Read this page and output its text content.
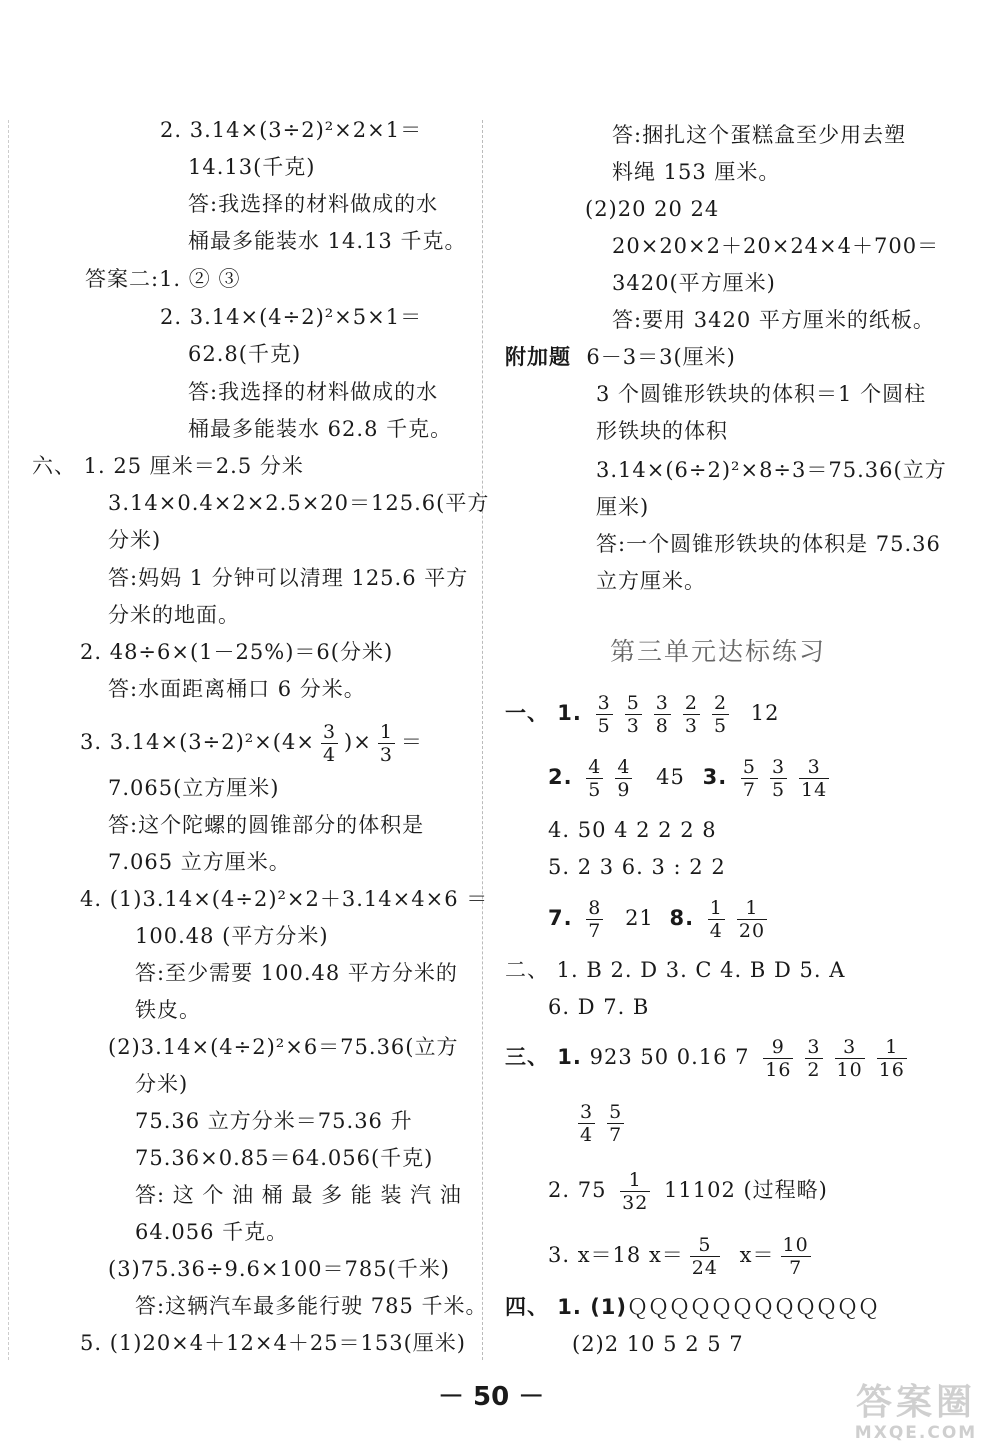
2. 3.14×(3÷2)²×2×1＝
14.13(千克)
答:我选择的材料做成的水
桶最多能装水 14.13 千克。
答案二:1. ② ③
2. 3.14×(4÷2)²×5×1＝
62.8(千克)
答:我选择的材料做成的水
桶最多能装水 62.8 千克。
六、 1. 25 厘米＝2.5 分米
3.14×0.4×2×2.5×20＝125.6(平方
分米)
答:妈妈 1 分钟可以清理 125.6 平方
分米的地面。
2. 48÷6×(1－25%)＝6(分米)
答:水面距离桶口 6 分米。
3. $3.14\times(3\div 2)^2\times(4\times \frac{3}{4}$ )× $\frac{1}{3}$ ＝
7.065(立方厘米)
答:这个陀螺的圆锥部分的体积是
7.065 立方厘米。
4. (1)3.14×(4÷2)²×2＋3.14×4×6 ＝
100.48 (平方分米)
答:至少需要 100.48 平方分米的
铁皮。
(2)3.14×(4÷2)²×6＝75.36(立方
分米)
75.36 立方分米＝75.36 升
75.36×0.85＝64.056(千克)
答: 这 个 油 桶 最 多 能 装 汽 油
64.056 千克。
(3)75.36÷9.6×100＝785(千米)
答:这辆汽车最多能行驶 785 千米。
5. (1)20×4＋12×4＋25＝153(厘米)
答:捆扎这个蛋糕盒至少用去塑
料绳 153 厘米。
(2)20 20 24
20×20×2＋20×24×4＋700＝
3420(平方厘米)
答:要用 3420 平方厘米的纸板。
附加题 6－3＝3(厘米)
3 个圆锥形铁块的体积＝1 个圆柱
形铁块的体积
3.14×(6÷2)²×8÷3＝75.36(立方
厘米)
答:一个圆锥形铁块的体积是 75.36
立方厘米。
第三单元达标练习
一、 1. $\frac{3}{5} \frac{5}{3} \frac{3}{8} \frac{2}{3} \frac{2}{5} 12$
2. $\frac{4}{5} \frac{4}{9} 45$ 3. $\frac{5}{7} \frac{3}{5} \frac{3}{14}$
4. 50 4 2 2 2 8
5. 2 3 6. 3 : 2 2
7. $\frac{8}{7} 21$ 8. $\frac{1}{4} \frac{1}{20}$
二、 1. B 2. D 3. C 4. B D 5. A
6. D 7. B
三、 1. 923 50 0.16 $7 \frac{9}{16} \frac{3}{2} \frac{3}{10} \frac{1}{16}$
$\frac{3}{4} \frac{5}{7}$
2. $75 \frac{1}{32} 11102$ (过程略)
3. x＝18 $x= \frac{5}{24} x= \frac{10}{7}$
四、 1. (1)ＱＱＱＱＱＱＱＱＱＱＱＱ
(2)2 10 5 2 5 7
－ 50 －	答案圈
MXQE.COM
